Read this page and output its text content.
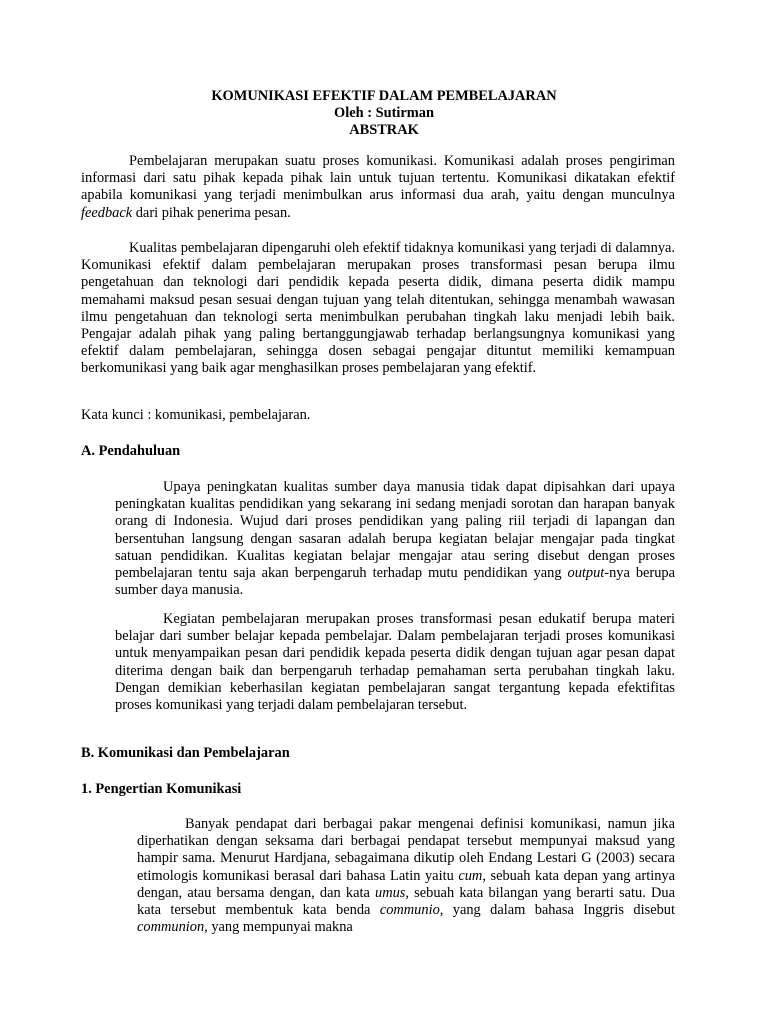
KOMUNIKASI EFEKTIF DALAM PEMBELAJARAN
Oleh : Sutirman
ABSTRAK

Pembelajaran merupakan suatu proses komunikasi. Komunikasi adalah proses pengiriman informasi dari satu pihak kepada pihak lain untuk tujuan tertentu. Komunikasi dikatakan efektif apabila komunikasi yang terjadi menimbulkan arus informasi dua arah, yaitu dengan munculnya feedback dari pihak penerima pesan.

Kualitas pembelajaran dipengaruhi oleh efektif tidaknya komunikasi yang terjadi di dalamnya. Komunikasi efektif dalam pembelajaran merupakan proses transformasi pesan berupa ilmu pengetahuan dan teknologi dari pendidik kepada peserta didik, dimana peserta didik mampu memahami maksud pesan sesuai dengan tujuan yang telah ditentukan, sehingga menambah wawasan ilmu pengetahuan dan teknologi serta menimbulkan perubahan tingkah laku menjadi lebih baik. Pengajar adalah pihak yang paling bertanggungjawab terhadap berlangsungnya komunikasi yang efektif dalam pembelajaran, sehingga dosen sebagai pengajar dituntut memiliki kemampuan berkomunikasi yang baik agar menghasilkan proses pembelajaran yang efektif.

Kata kunci : komunikasi, pembelajaran.

A. Pendahuluan

Upaya peningkatan kualitas sumber daya manusia tidak dapat dipisahkan dari upaya peningkatan kualitas pendidikan yang sekarang ini sedang menjadi sorotan dan harapan banyak orang di Indonesia. Wujud dari proses pendidikan yang paling riil terjadi di lapangan dan bersentuhan langsung dengan sasaran adalah berupa kegiatan belajar mengajar pada tingkat satuan pendidikan. Kualitas kegiatan belajar mengajar atau sering disebut dengan proses pembelajaran tentu saja akan berpengaruh terhadap mutu pendidikan yang output-nya berupa sumber daya manusia.

Kegiatan pembelajaran merupakan proses transformasi pesan edukatif berupa materi belajar dari sumber belajar kepada pembelajar. Dalam pembelajaran terjadi proses komunikasi untuk menyampaikan pesan dari pendidik kepada peserta didik dengan tujuan agar pesan dapat diterima dengan baik dan berpengaruh terhadap pemahaman serta perubahan tingkah laku. Dengan demikian keberhasilan kegiatan pembelajaran sangat tergantung kepada efektifitas proses komunikasi yang terjadi dalam pembelajaran tersebut.

B. Komunikasi dan Pembelajaran

1. Pengertian Komunikasi

Banyak pendapat dari berbagai pakar mengenai definisi komunikasi, namun jika diperhatikan dengan seksama dari berbagai pendapat tersebut mempunyai maksud yang hampir sama. Menurut Hardjana, sebagaimana dikutip oleh Endang Lestari G (2003) secara etimologis komunikasi berasal dari bahasa Latin yaitu cum, sebuah kata depan yang artinya dengan, atau bersama dengan, dan kata umus, sebuah kata bilangan yang berarti satu. Dua kata tersebut membentuk kata benda communio, yang dalam bahasa Inggris disebut communion, yang mempunyai makna
